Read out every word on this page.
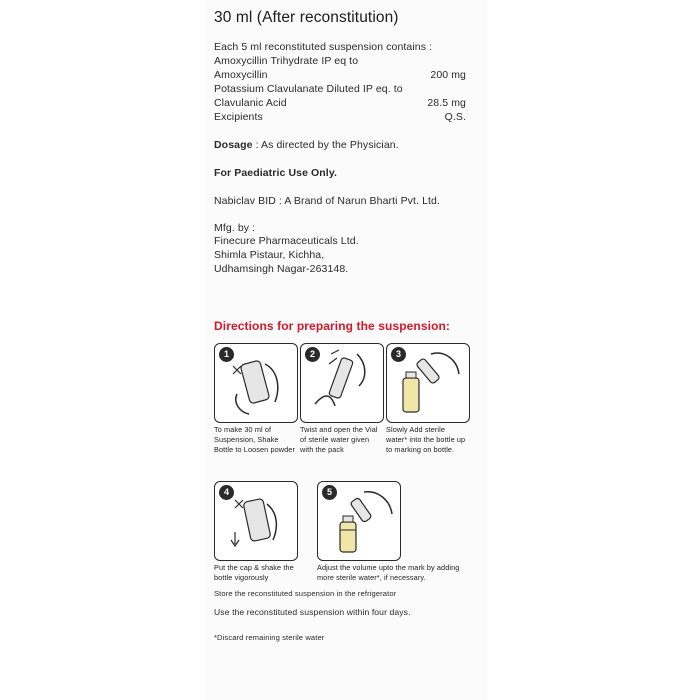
30 ml (After reconstitution)
Each 5 ml reconstituted suspension contains :
Amoxycillin Trihydrate IP eq to
Amoxycillin	200 mg
Potassium Clavulanate Diluted IP eq. to
Clavulanic Acid	28.5 mg
Excipients	Q.S.
Dosage : As directed by the Physician.
For Paediatric Use Only.
Nabiclav BID : A Brand of Narun Bharti Pvt. Ltd.
Mfg. by :
Finecure Pharmaceuticals Ltd.
Shimla Pistaur, Kichha,
Udhamsingh Nagar-263148.
Directions for preparing the suspension:
1
To make 30 ml of Suspension, Shake Bottle to Loosen powder
2
Twist and open the Vial of sterile water given with the pack
3
Slowly Add sterile water* into the bottle up to marking on bottle.
4
Put the cap & shake the bottle vigorously
5
Adjust the volume upto the mark by adding more sterile water*, if necessary.
Store the reconstituted suspension in the refrigerator
Use the reconstituted suspension within four days.
*Discard remaining sterile water
